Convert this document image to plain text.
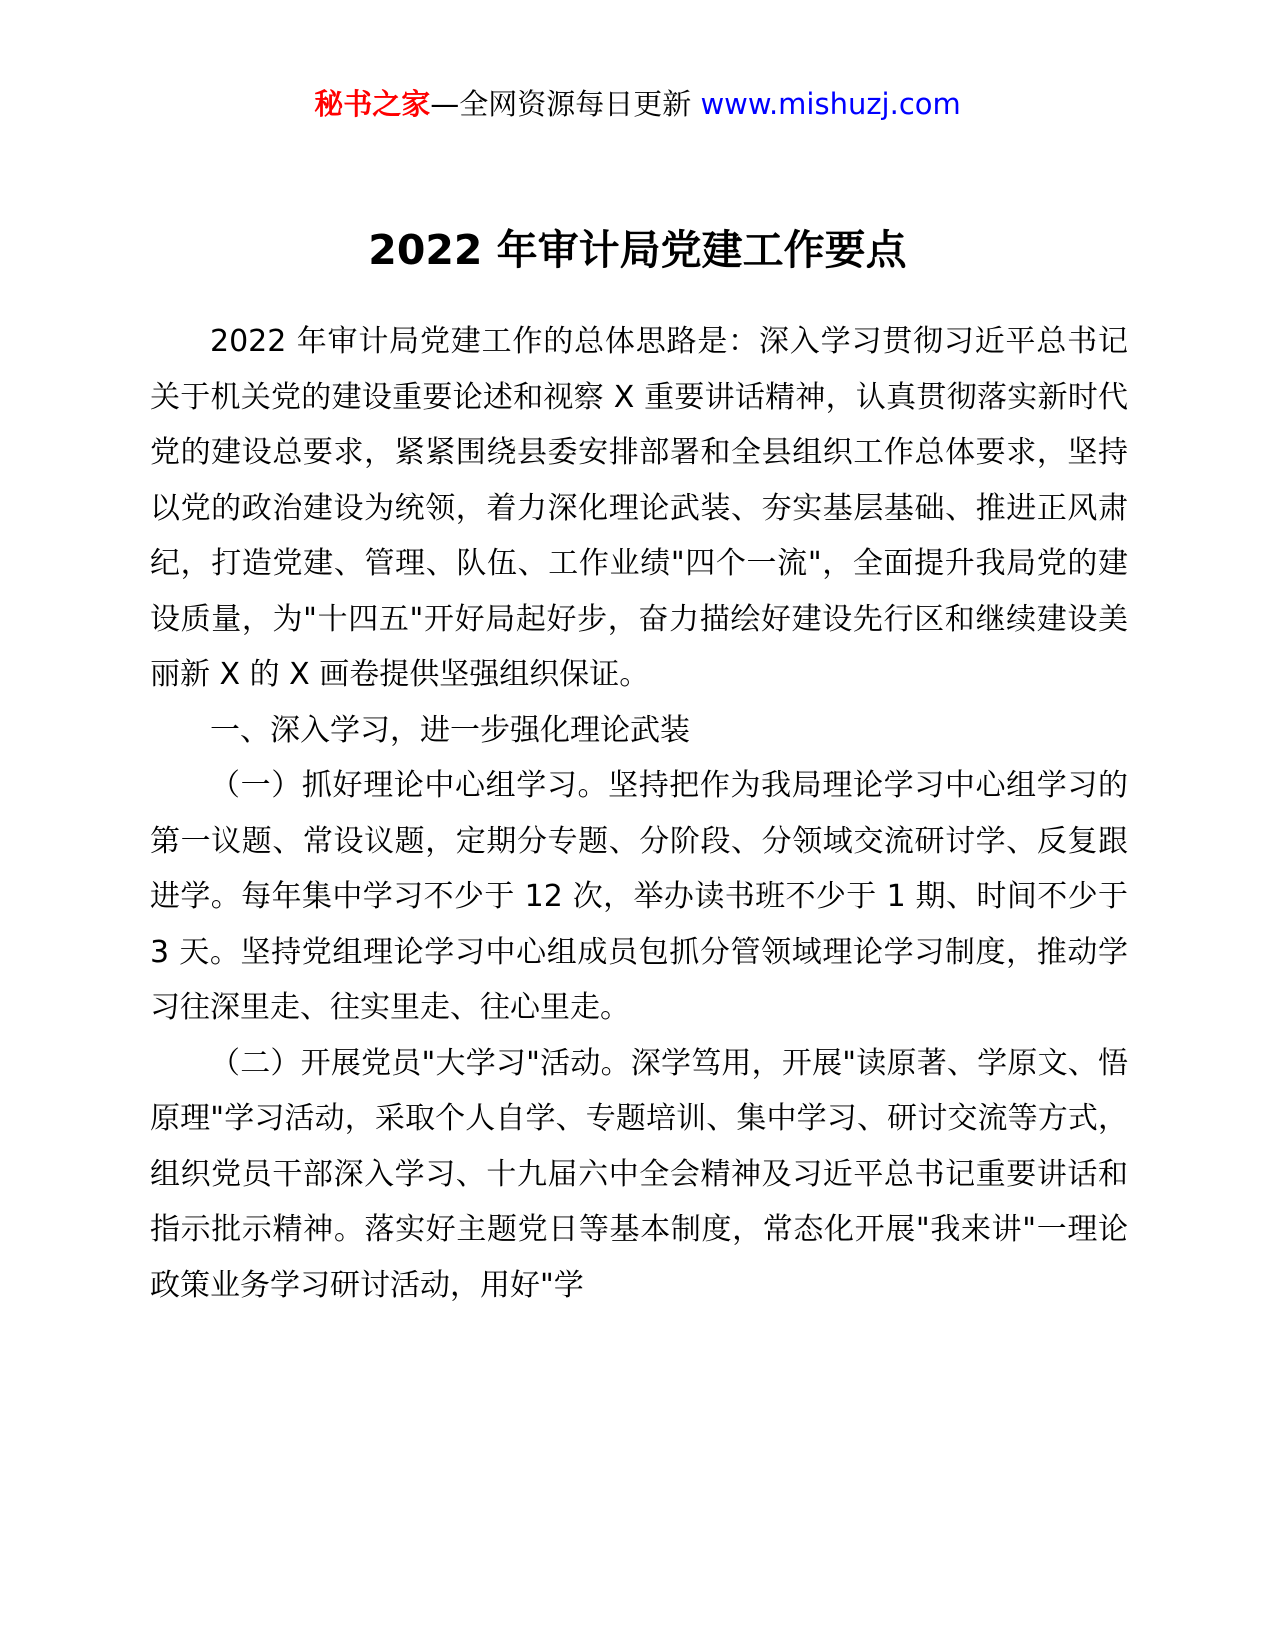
秘书之家—全网资源每日更新 www.mishuzj.com
2022 年审计局党建工作要点

2022 年审计局党建工作的总体思路是：深入学习贯彻习近平总书记关于机关党的建设重要论述和视察 X 重要讲话精神，认真贯彻落实新时代党的建设总要求，紧紧围绕县委安排部署和全县组织工作总体要求，坚持以党的政治建设为统领，着力深化理论武装、夯实基层基础、推进正风肃纪，打造党建、管理、队伍、工作业绩"四个一流"，全面提升我局党的建设质量，为"十四五"开好局起好步，奋力描绘好建设先行区和继续建设美丽新 X 的 X 画卷提供坚强组织保证。

一、深入学习，进一步强化理论武装

（一）抓好理论中心组学习。坚持把作为我局理论学习中心组学习的第一议题、常设议题，定期分专题、分阶段、分领域交流研讨学、反复跟进学。每年集中学习不少于 12 次，举办读书班不少于 1 期、时间不少于 3 天。坚持党组理论学习中心组成员包抓分管领域理论学习制度，推动学习往深里走、往实里走、往心里走。

（二）开展党员"大学习"活动。深学笃用，开展"读原著、学原文、悟原理"学习活动，采取个人自学、专题培训、集中学习、研讨交流等方式，组织党员干部深入学习、十九届六中全会精神及习近平总书记重要讲话和指示批示精神。落实好主题党日等基本制度，常态化开展"我来讲"一理论政策业务学习研讨活动，用好"学
